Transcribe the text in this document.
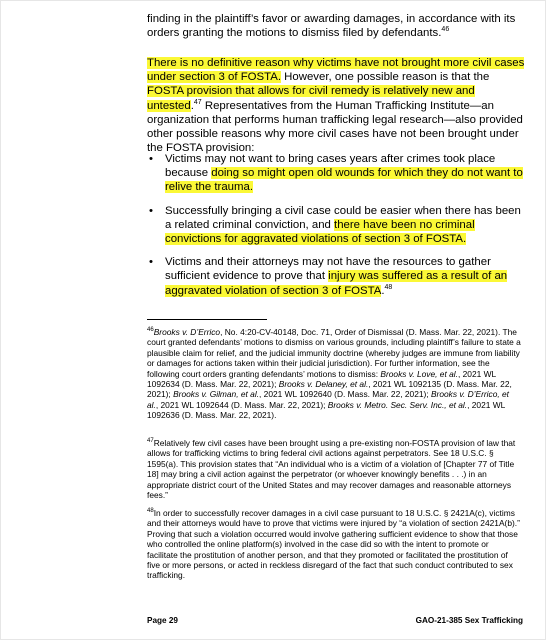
finding in the plaintiff’s favor or awarding damages, in accordance with its orders granting the motions to dismiss filed by defendants.$^{46}$
There is no definitive reason why victims have not brought more civil cases under section 3 of FOSTA. However, one possible reason is that the FOSTA provision that allows for civil remedy is relatively new and untested.$^{47}$ Representatives from the Human Trafficking Institute—an organization that performs human trafficking legal research—also provided other possible reasons why more civil cases have not been brought under the FOSTA provision:
• Victims may not want to bring cases years after crimes took place because doing so might open old wounds for which they do not want to relive the trauma.
• Successfully bringing a civil case could be easier when there has been a related criminal conviction, and there have been no criminal convictions for aggravated violations of section 3 of FOSTA.
• Victims and their attorneys may not have the resources to gather sufficient evidence to prove that injury was suffered as a result of an aggravated violation of section 3 of FOSTA.$^{48}$
$^{46}$Brooks v. D’Errico, No. 4:20-CV-40148, Doc. 71, Order of Dismissal (D. Mass. Mar. 22, 2021). The court granted defendants’ motions to dismiss on various grounds, including plaintiff’s failure to state a plausible claim for relief, and the judicial immunity doctrine (whereby judges are immune from liability or damages for actions taken within their judicial jurisdiction). For further information, see the following court orders granting defendants’ motions to dismiss: Brooks v. Love, et al., 2021 WL 1092634 (D. Mass. Mar. 22, 2021); Brooks v. Delaney, et al., 2021 WL 1092135 (D. Mass. Mar. 22, 2021); Brooks v. Gilman, et al., 2021 WL 1092640 (D. Mass. Mar. 22, 2021); Brooks v. D’Errico, et al., 2021 WL 1092644 (D. Mass. Mar. 22, 2021); Brooks v. Metro. Sec. Serv. Inc., et al., 2021 WL 1092636 (D. Mass. Mar. 22, 2021).
$^{47}$Relatively few civil cases have been brought using a pre-existing non-FOSTA provision of law that allows for trafficking victims to bring federal civil actions against perpetrators. See 18 U.S.C. § 1595(a). This provision states that “An individual who is a victim of a violation of [Chapter 77 of Title 18] may bring a civil action against the perpetrator (or whoever knowingly benefits . . .) in an appropriate district court of the United States and may recover damages and reasonable attorneys fees.”
$^{48}$In order to successfully recover damages in a civil case pursuant to 18 U.S.C. § 2421A(c), victims and their attorneys would have to prove that victims were injured by “a violation of section 2421A(b).” Proving that such a violation occurred would involve gathering sufficient evidence to show that those who controlled the online platform(s) involved in the case did so with the intent to promote or facilitate the prostitution of another person, and that they promoted or facilitated the prostitution of five or more persons, or acted in reckless disregard of the fact that such conduct contributed to sex trafficking.
Page 29	GAO-21-385 Sex Trafficking
